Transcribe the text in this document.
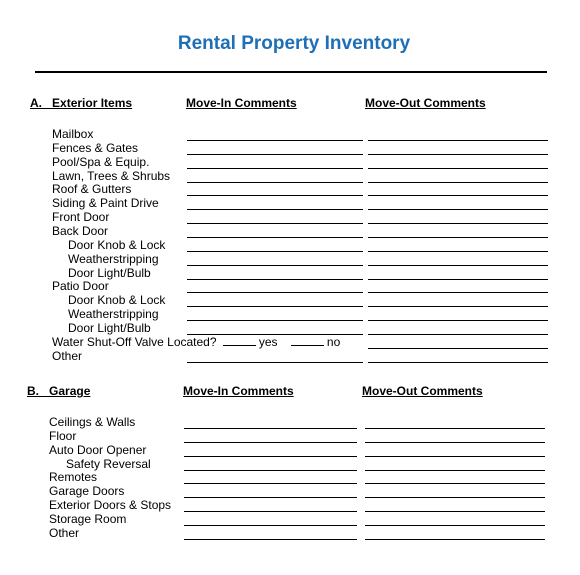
Rental Property Inventory
A. Exterior Items	Move-In Comments	Move-Out Comments
Mailbox
Fences & Gates
Pool/Spa & Equip.
Lawn, Trees & Shrubs
Roof & Gutters
Siding & Paint Drive
Front Door
Back Door
Door Knob & Lock
Weatherstripping
Door Light/Bulb
Patio Door
Door Knob & Lock
Weatherstripping
Door Light/Bulb
Water Shut-Off Valve Located?	yes	no
Other
B. Garage	Move-In Comments	Move-Out Comments
Ceilings & Walls
Floor
Auto Door Opener
Safety Reversal
Remotes
Garage Doors
Exterior Doors & Stops
Storage Room
Other
